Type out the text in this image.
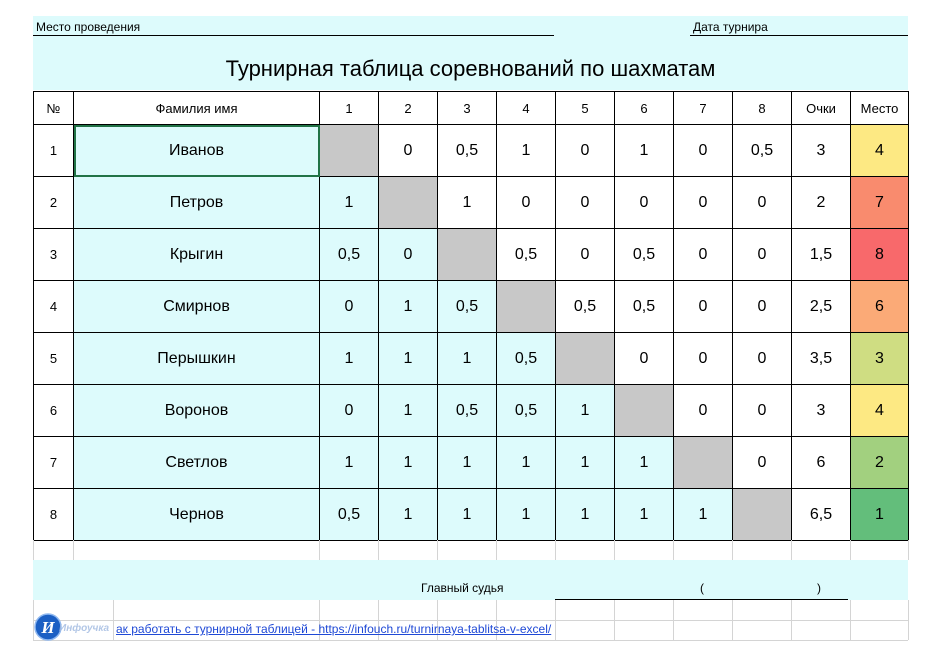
Место проведения	Дата турнира
Турнирная таблица соревнований по шахматам
№	Фамилия имя	1	2	3	4	5	6	7	8	Очки	Место
1	Иванов		0	0,5	1	0	1	0	0,5	3	4
2	Петров	1		1	0	0	0	0	0	2	7
3	Крыгин	0,5	0		0,5	0	0,5	0	0	1,5	8
4	Смирнов	0	1	0,5		0,5	0,5	0	0	2,5	6
5	Перышкин	1	1	1	0,5		0	0	0	3,5	3
6	Воронов	0	1	0,5	0,5	1		0	0	3	4
7	Светлов	1	1	1	1	1	1		0	6	2
8	Чернов	0,5	1	1	1	1	1	1		6,5	1
Главный судья	(	)
И Инфоучка ак работать с турнирной таблицей - https://infouch.ru/turnirnaya-tablitsa-v-excel/
